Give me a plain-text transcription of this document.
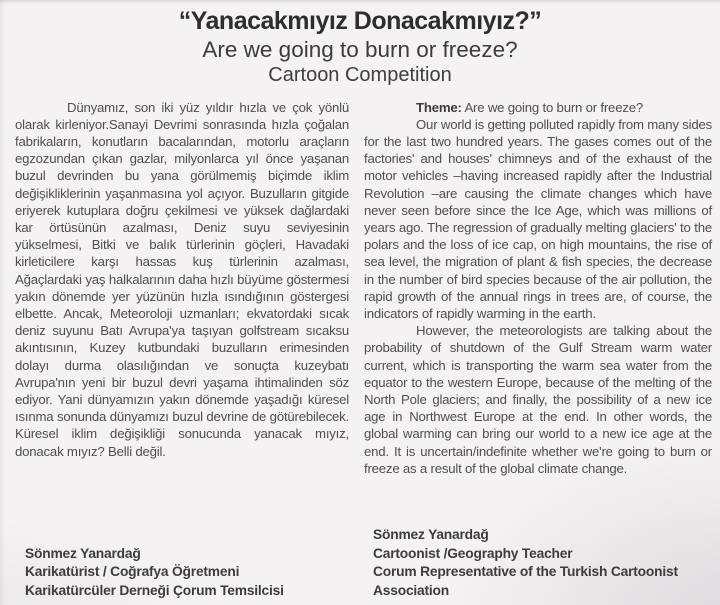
“Yanacakmıyız Donacakmıyız?”
Are we going to burn or freeze?
Cartoon Competition

Dünyamız, son iki yüz yıldır hızla ve çok yönlü olarak kirleniyor.Sanayi Devrimi sonrasında hızla çoğalan fabrikaların, konutların bacalarından, motorlu araçların egzozundan çıkan gazlar, milyonlarca yıl önce yaşanan buzul devrinden bu yana görülmemiş biçimde iklim değişikliklerinin yaşanmasına yol açıyor. Buzulların gitgide eriyerek kutuplara doğru çekilmesi ve yüksek dağlardaki kar örtüsünün azalması, Deniz suyu seviyesinin yükselmesi, Bitki ve balık türlerinin göçleri, Havadaki kirleticilere karşı hassas kuş türlerinin azalması, Ağaçlardaki yaş halkalarının daha hızlı büyüme göstermesi yakın dönemde yer yüzünün hızla ısındığının göstergesi elbette. Ancak, Meteoroloji uzmanları; ekvatordaki sıcak deniz suyunu Batı Avrupa'ya taşıyan golfstream sıcaksu akıntısının, Kuzey kutbundaki buzulların erimesinden dolayı durma olasılığından ve sonuçta kuzeybatı Avrupa'nın yeni bir buzul devri yaşama ihtimalinden söz ediyor. Yani dünyamızın yakın dönemde yaşadığı küresel ısınma sonunda dünyamızı buzul devrine de götürebilecek. Küresel iklim değişikliği sonucunda yanacak mıyız, donacak mıyız? Belli değil.

Theme: Are we going to burn or freeze?

Our world is getting polluted rapidly from many sides for the last two hundred years. The gases comes out of the factories' and houses' chimneys and of the exhaust of the motor vehicles –having increased rapidly after the Industrial Revolution –are causing the climate changes which have never seen before since the Ice Age, which was millions of years ago. The regression of gradually melting glaciers' to the polars and the loss of ice cap, on high mountains, the rise of sea level, the migration of plant & fish species, the decrease in the number of bird species because of the air pollution, the rapid growth of the annual rings in trees are, of course, the indicators of rapidly warming in the earth.

However, the meteorologists are talking about the probability of shutdown of the Gulf Stream warm water current, which is transporting the warm sea water from the equator to the western Europe, because of the melting of the North Pole glaciers; and finally, the possibility of a new ice age in Northwest Europe at the end. In other words, the global warming can bring our world to a new ice age at the end. It is uncertain/indefinite whether we're going to burn or freeze as a result of the global climate change.

Sönmez Yanardağ

Karikatürist / Coğrafya Öğretmeni

Karikatürcüler Derneği Çorum Temsilcisi

Sönmez Yanardağ

Cartoonist /Geography Teacher

Corum Representative of the Turkish Cartoonist Association
